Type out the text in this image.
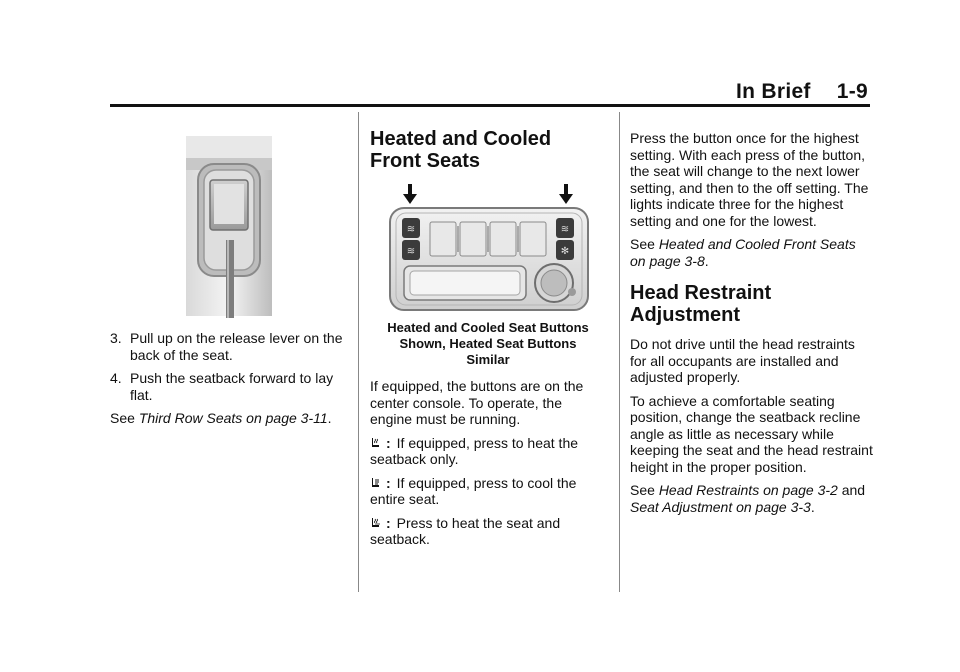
In Brief 1-9
3. Pull up on the release lever on the back of the seat.
4. Push the seatback forward to lay flat.

See Third Row Seats on page 3-11.

Heated and Cooled Front Seats
≋
≋
≋
✻
Heated and Cooled Seat Buttons
Shown, Heated Seat Buttons
Similar

If equipped, the buttons are on the center console. To operate, the engine must be running.

: If equipped, press to heat the seatback only.

: If equipped, press to cool the entire seat.

: Press to heat the seat and seatback.

Press the button once for the highest setting. With each press of the button, the seat will change to the next lower setting, and then to the off setting. The lights indicate three for the highest setting and one for the lowest.

See Heated and Cooled Front Seats on page 3-8.

Head Restraint Adjustment

Do not drive until the head restraints for all occupants are installed and adjusted properly.

To achieve a comfortable seating position, change the seatback recline angle as little as necessary while keeping the seat and the head restraint height in the proper position.

See Head Restraints on page 3-2 and Seat Adjustment on page 3-3.
